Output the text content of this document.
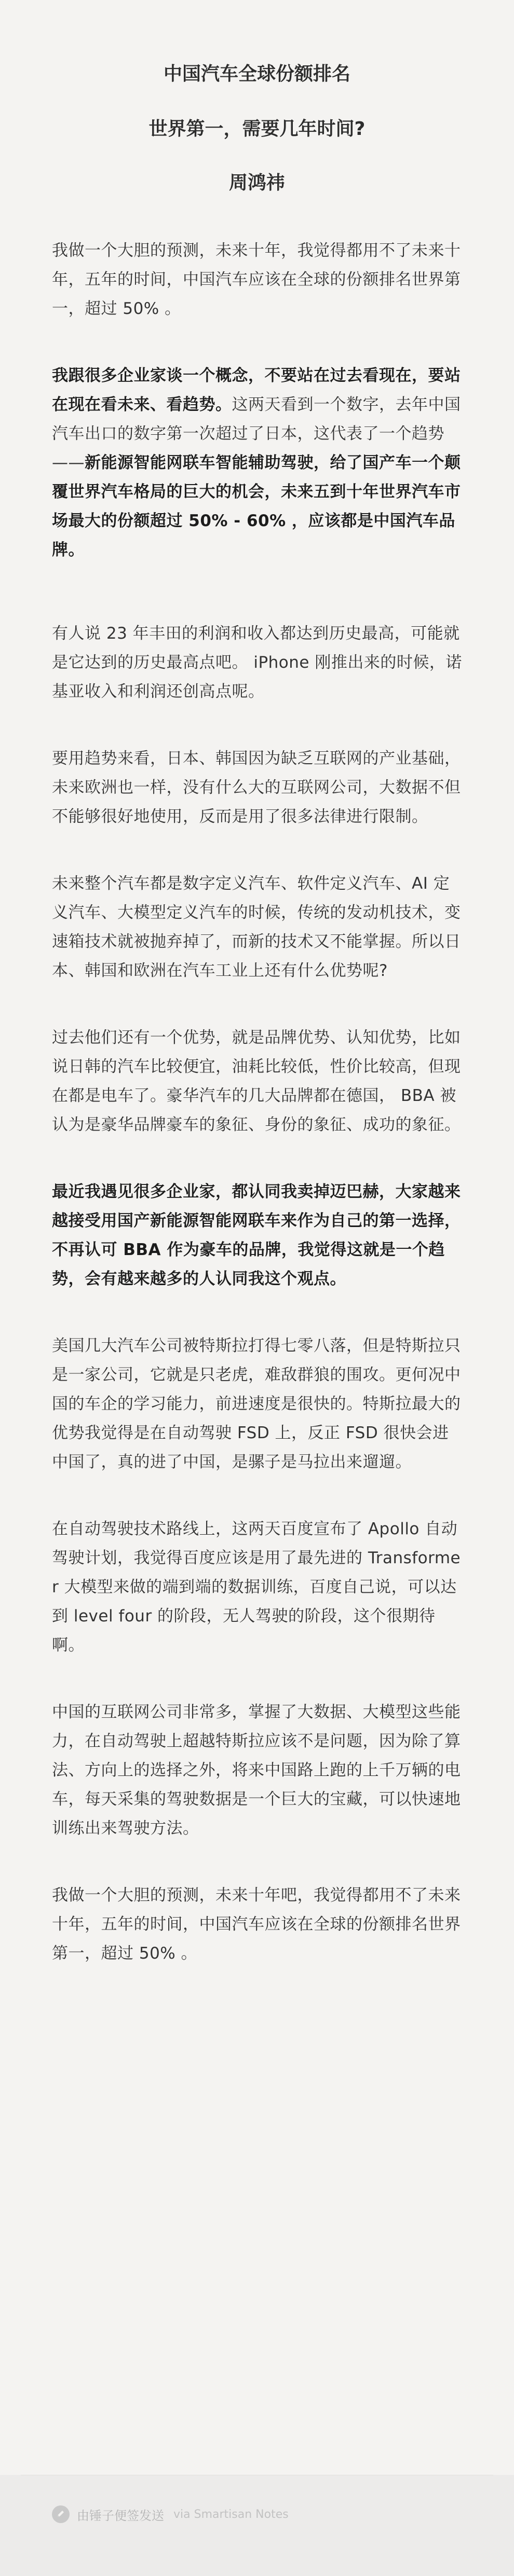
中国汽车全球份额排名
世界第一，需要几年时间?
周鸿祎

我做一个大胆的预测，未来十年，我觉得都用不了未来十年，五年的时间，中国汽车应该在全球的份额排名世界第一，超过 50% 。

我跟很多企业家谈一个概念，不要站在过去看现在，要站在现在看未来、看趋势。这两天看到一个数字，去年中国汽车出口的数字第一次超过了日本，这代表了一个趋势——新能源智能网联车智能辅助驾驶，给了国产车一个颠覆世界汽车格局的巨大的机会，未来五到十年世界汽车市场最大的份额超过 50% - 60% ，应该都是中国汽车品牌。

有人说 23 年丰田的利润和收入都达到历史最高，可能就是它达到的历史最高点吧。 iPhone 刚推出来的时候，诺基亚收入和利润还创高点呢。

要用趋势来看，日本、韩国因为缺乏互联网的产业基础，未来欧洲也一样，没有什么大的互联网公司，大数据不但不能够很好地使用，反而是用了很多法律进行限制。

未来整个汽车都是数字定义汽车、软件定义汽车、AI 定义汽车、大模型定义汽车的时候，传统的发动机技术，变速箱技术就被抛弃掉了，而新的技术又不能掌握。所以日本、韩国和欧洲在汽车工业上还有什么优势呢?

过去他们还有一个优势，就是品牌优势、认知优势，比如说日韩的汽车比较便宜，油耗比较低，性价比较高，但现在都是电车了。豪华汽车的几大品牌都在德国， BBA 被认为是豪华品牌豪车的象征、身份的象征、成功的象征。

最近我遇见很多企业家，都认同我卖掉迈巴赫，大家越来越接受用国产新能源智能网联车来作为自己的第一选择，不再认可 BBA 作为豪车的品牌，我觉得这就是一个趋势，会有越来越多的人认同我这个观点。

美国几大汽车公司被特斯拉打得七零八落，但是特斯拉只是一家公司，它就是只老虎，难敌群狼的围攻。更何况中国的车企的学习能力，前进速度是很快的。特斯拉最大的优势我觉得是在自动驾驶 FSD 上，反正 FSD 很快会进中国了，真的进了中国，是骡子是马拉出来遛遛。

在自动驾驶技术路线上，这两天百度宣布了 Apollo 自动驾驶计划，我觉得百度应该是用了最先进的 Transformer 大模型来做的端到端的数据训练，百度自己说，可以达到 level four 的阶段，无人驾驶的阶段，这个很期待啊。

中国的互联网公司非常多，掌握了大数据、大模型这些能力，在自动驾驶上超越特斯拉应该不是问题，因为除了算法、方向上的选择之外，将来中国路上跑的上千万辆的电车，每天采集的驾驶数据是一个巨大的宝藏，可以快速地训练出来驾驶方法。

我做一个大胆的预测，未来十年吧，我觉得都用不了未来十年，五年的时间，中国汽车应该在全球的份额排名世界第一，超过 50% 。

由锤子便签发送 via Smartisan Notes
